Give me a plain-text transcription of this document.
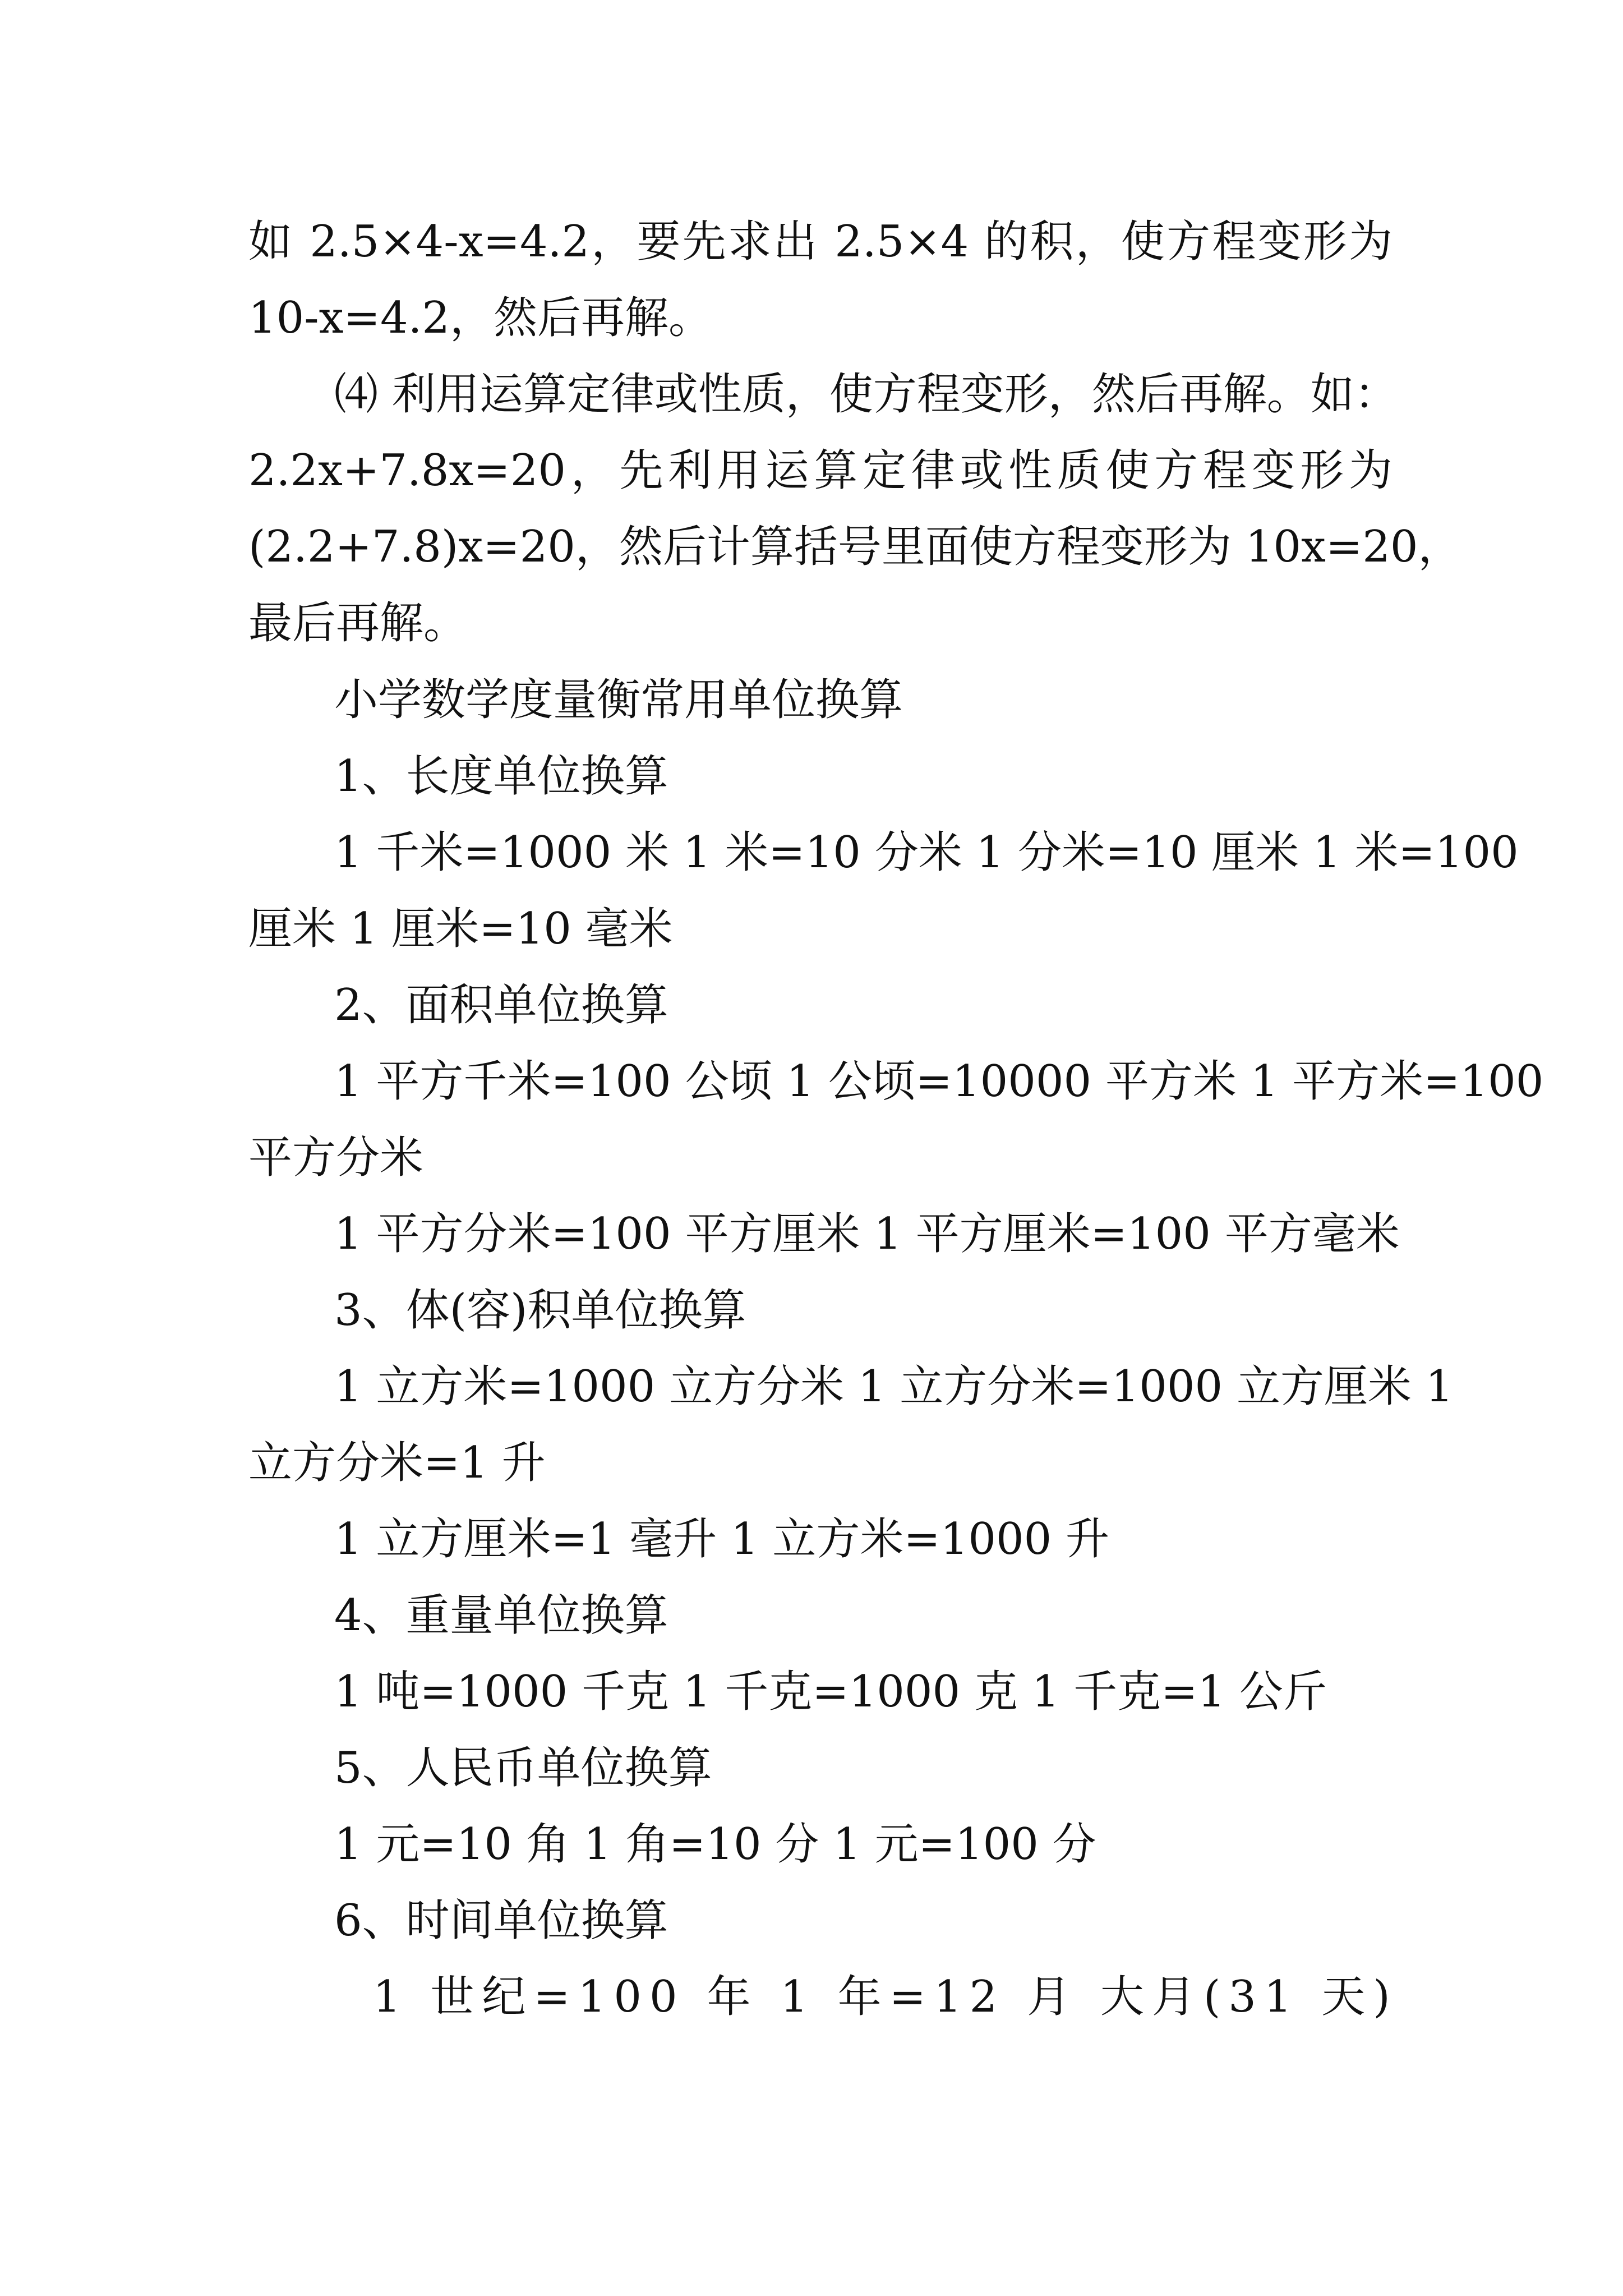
如 2.5×4-x=4.2，要先求出 2.5×4 的积，使方程变形为
10-x=4.2，然后再解。
⑷ 利用运算定律或性质，使方程变形，然后再解。如：
2.2x+7.8x=20，先利用运算定律或性质使方程变形为
(2.2+7.8)x=20，然后计算括号里面使方程变形为 10x=20，
最后再解。
小学数学度量衡常用单位换算
1、长度单位换算
1 千米=1000 米 1 米=10 分米 1 分米=10 厘米 1 米=100
厘米 1 厘米=10 毫米
2、面积单位换算
1 平方千米=100 公顷 1 公顷=10000 平方米 1 平方米=100
平方分米
1 平方分米=100 平方厘米 1 平方厘米=100 平方毫米
3、体(容)积单位换算
1 立方米=1000 立方分米 1 立方分米=1000 立方厘米 1
立方分米=1 升
1 立方厘米=1 毫升 1 立方米=1000 升
4、重量单位换算
1 吨=1000 千克 1 千克=1000 克 1 千克=1 公斤
5、人民币单位换算
1 元=10 角 1 角=10 分 1 元=100 分
6、时间单位换算
1 世纪=100 年 1 年=12 月 大月(31 天)
